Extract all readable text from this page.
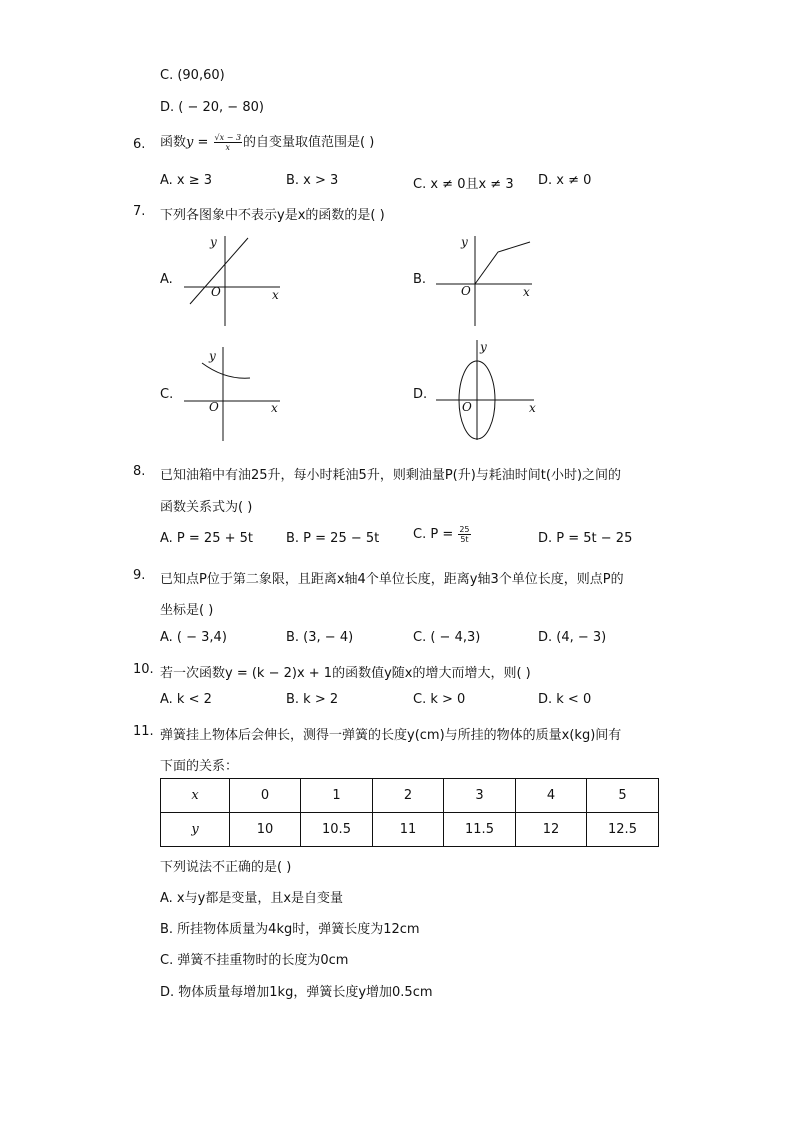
C. (90,60)
D. ( − 20, − 80)
6. 函数$y = \frac{√x - 3}{x}$ 的自变量取值范围是( )
A. x ≥ 3	B. x > 3	C. x ≠ 0且x ≠ 3 D. x ≠ 0
7. 下列各图象中不表示y是x的函数的是( )
A.	B.
C.	D.
y
x
O
y
x
O
y
x
O
y
x
O
8. 已知油箱中有油25升，每小时耗油5升，则剩油量P(升)与耗油时间t(小时)之间的
函数关系式为( )
A. P = 25 + 5t	B. P = 25 − 5t	C. $P = \frac{25}{5t}$	D. P = 5t − 25
9. 已知点P位于第二象限，且距离x轴4个单位长度，距离y轴3个单位长度，则点P的
坐标是( )
A. ( − 3,4)	B. (3, − 4)	C. ( − 4,3)	D. (4, − 3)
10. 若一次函数y = (k − 2)x + 1的函数值y随x的增大而增大，则( )
A. k < 2	B. k > 2	C. k > 0	D. k < 0
11. 弹簧挂上物体后会伸长，测得一弹簧的长度y(cm)与所挂的物体的质量x(kg)间有
下面的关系：
x	0	1	2	3	4	5
y	10	10.5	11	11.5	12	12.5
下列说法不正确的是( )
A. x与y都是变量，且x是自变量
B. 所挂物体质量为4kg时，弹簧长度为12cm
C. 弹簧不挂重物时的长度为0cm
D. 物体质量每增加1kg，弹簧长度y增加0.5cm
